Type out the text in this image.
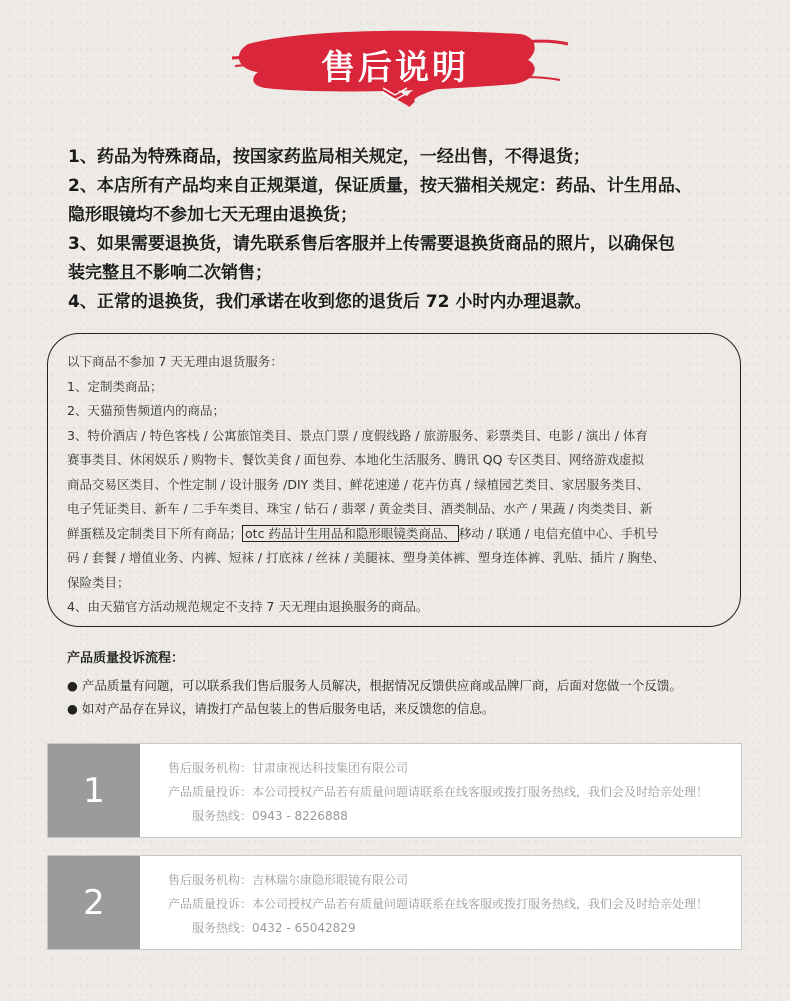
售后说明
1、药品为特殊商品，按国家药监局相关规定，一经出售，不得退货；
2、本店所有产品均来自正规渠道，保证质量，按天猫相关规定：药品、计生用品、
隐形眼镜均不参加七天无理由退换货；
3、如果需要退换货，请先联系售后客服并上传需要退换货商品的照片，以确保包
装完整且不影响二次销售；
4、正常的退换货，我们承诺在收到您的退货后 72 小时内办理退款。
以下商品不参加 7 天无理由退货服务：
1、定制类商品；
2、天猫预售频道内的商品；
3、特价酒店 / 特色客栈 / 公寓旅馆类目、景点门票 / 度假线路 / 旅游服务、彩票类目、电影 / 演出 / 体育
赛事类目、休闲娱乐 / 购物卡、餐饮美食 / 面包券、本地化生活服务、腾讯 QQ 专区类目、网络游戏虚拟
商品交易区类目、个性定制 / 设计服务 /DIY 类目、鲜花速递 / 花卉仿真 / 绿植园艺类目、家居服务类目、
电子凭证类目、新车 / 二手车类目、珠宝 / 钻石 / 翡翠 / 黄金类目、酒类制品、水产 / 果蔬 / 肉类类目、新
鲜蛋糕及定制类目下所有商品； otc 药品计生用品和隐形眼镜类商品、 移动 / 联通 / 电信充值中心、手机号
码 / 套餐 / 增值业务、内裤、短袜 / 打底袜 / 丝袜 / 美腿袜、塑身美体裤、塑身连体裤、乳贴、插片 / 胸垫、
保险类目；
4、由天猫官方活动规范规定不支持 7 天无理由退换服务的商品。
产品质量投诉流程：
● 产品质量有问题，可以联系我们售后服务人员解决，根据情况反馈供应商或品牌厂商，后面对您做一个反馈。
● 如对产品存在异议，请拨打产品包装上的售后服务电话，来反馈您的信息。
1
售后服务机构：甘肃康视达科技集团有限公司
产品质量投诉：本公司授权产品若有质量问题请联系在线客服或拨打服务热线，我们会及时给亲处理！
服务热线：0943 - 8226888
2
售后服务机构：吉林瑞尔康隐形眼镜有限公司
产品质量投诉：本公司授权产品若有质量问题请联系在线客服或拨打服务热线，我们会及时给亲处理！
服务热线：0432 - 65042829
